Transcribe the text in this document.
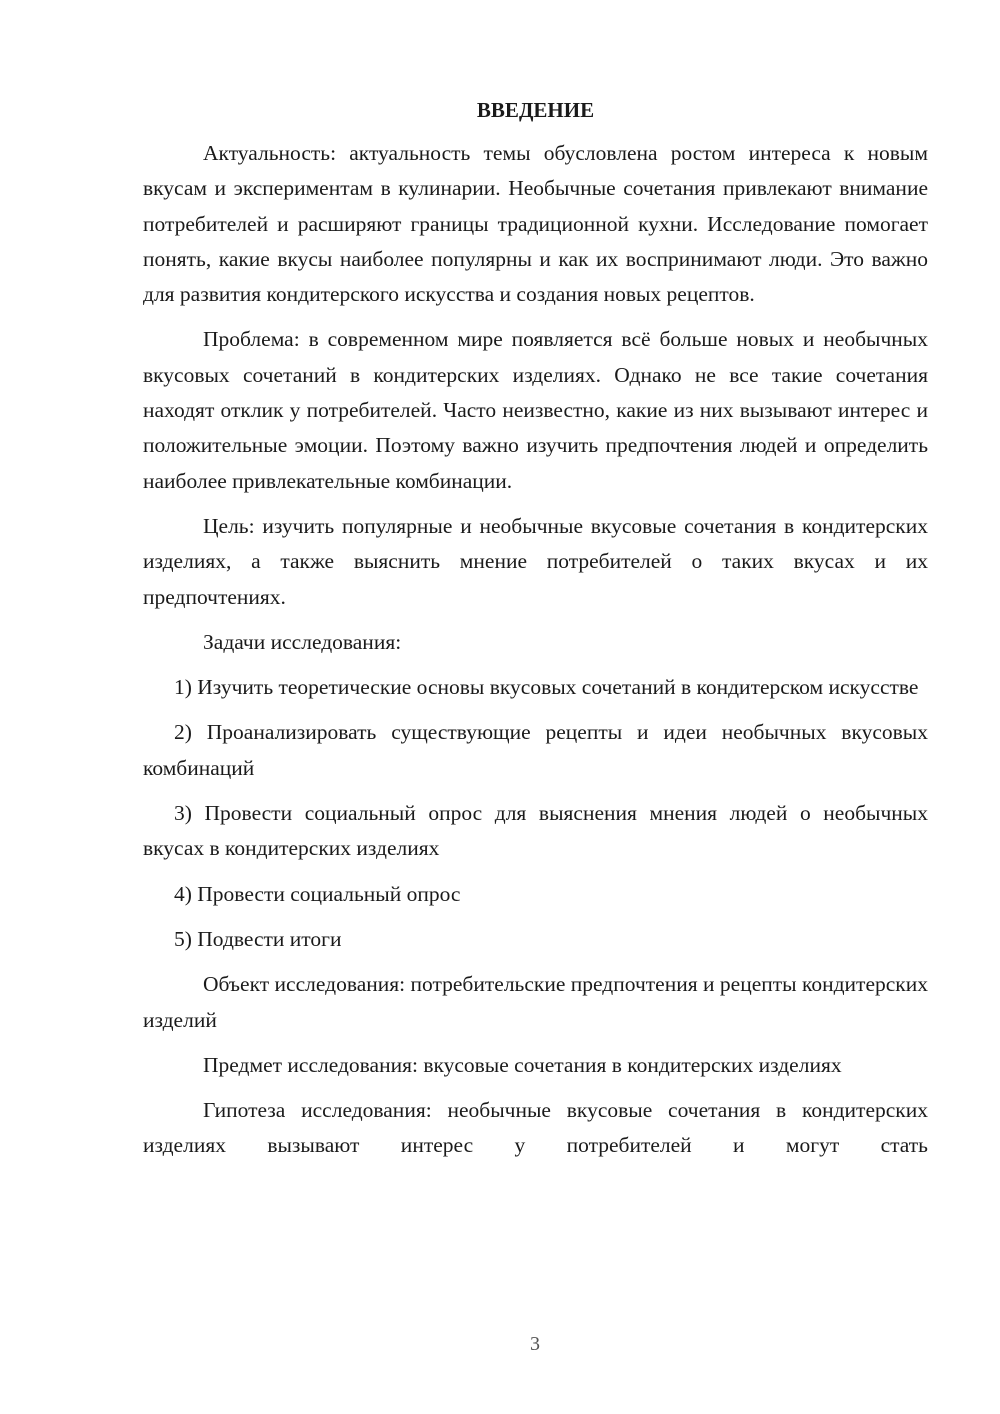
ВВЕДЕНИЕ

Актуальность: актуальность темы обусловлена ростом интереса к новым вкусам и экспериментам в кулинарии. Необычные сочетания привлекают внимание потребителей и расширяют границы традиционной кухни. Исследование помогает понять, какие вкусы наиболее популярны и как их воспринимают люди. Это важно для развития кондитерского искусства и создания новых рецептов.

Проблема: в современном мире появляется всё больше новых и необычных вкусовых сочетаний в кондитерских изделиях. Однако не все такие сочетания находят отклик у потребителей. Часто неизвестно, какие из них вызывают интерес и положительные эмоции. Поэтому важно изучить предпочтения людей и определить наиболее привлекательные комбинации.

Цель: изучить популярные и необычные вкусовые сочетания в кондитерских изделиях, а также выяснить мнение потребителей о таких вкусах и их предпочтениях.

Задачи исследования:

1) Изучить теоретические основы вкусовых сочетаний в кондитерском искусстве

2) Проанализировать существующие рецепты и идеи необычных вкусовых комбинаций

3) Провести социальный опрос для выяснения мнения людей о необычных вкусах в кондитерских изделиях

4) Провести социальный опрос

5) Подвести итоги

Объект исследования: потребительские предпочтения и рецепты кондитерских изделий

Предмет исследования: вкусовые сочетания в кондитерских изделиях

Гипотеза исследования: необычные вкусовые сочетания в кондитерских изделиях вызывают интерес у потребителей и могут стать

3
